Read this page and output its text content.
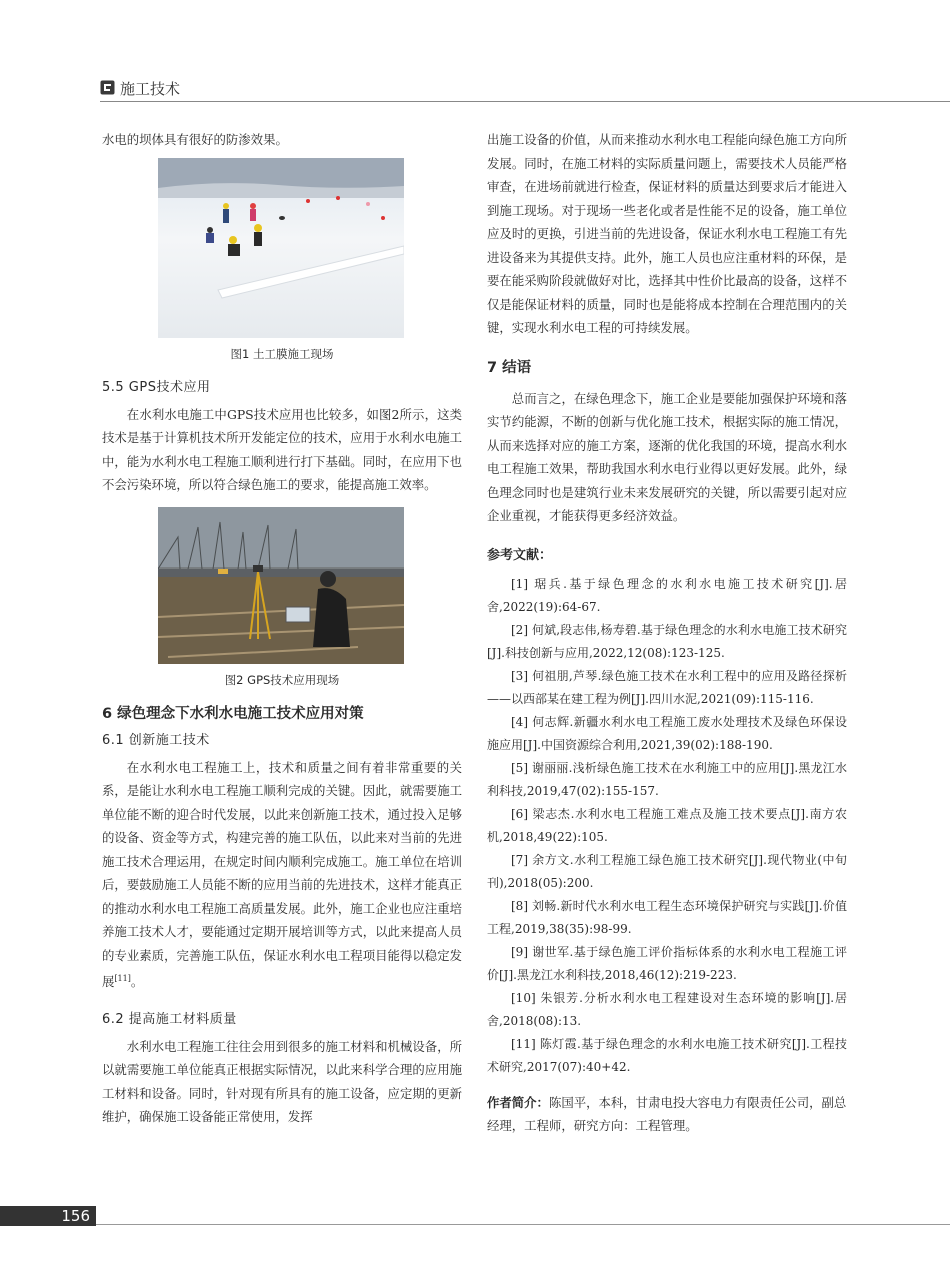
施工技术

水电的坝体具有很好的防渗效果。

图1 土工膜施工现场
5.5 GPS技术应用

在水利水电施工中GPS技术应用也比较多，如图2所示，这类技术是基于计算机技术所开发能定位的技术，应用于水利水电施工中，能为水利水电工程施工顺利进行打下基础。同时，在应用下也不会污染环境，所以符合绿色施工的要求，能提高施工效率。

图2 GPS技术应用现场
6 绿色理念下水利水电施工技术应用对策
6.1 创新施工技术

在水利水电工程施工上，技术和质量之间有着非常重要的关系，是能让水利水电工程施工顺利完成的关键。因此，就需要施工单位能不断的迎合时代发展，以此来创新施工技术，通过投入足够的设备、资金等方式，构建完善的施工队伍，以此来对当前的先进施工技术合理运用，在规定时间内顺利完成施工。施工单位在培训后，要鼓励施工人员能不断的应用当前的先进技术，这样才能真正的推动水利水电工程施工高质量发展。此外，施工企业也应注重培养施工技术人才，要能通过定期开展培训等方式，以此来提高人员的专业素质，完善施工队伍，保证水利水电工程项目能得以稳定发展[11]。

6.2 提高施工材料质量

水利水电工程施工往往会用到很多的施工材料和机械设备，所以就需要施工单位能真正根据实际情况，以此来科学合理的应用施工材料和设备。同时，针对现有所具有的施工设备，应定期的更新维护，确保施工设备能正常使用，发挥

出施工设备的价值，从而来推动水利水电工程能向绿色施工方向所发展。同时，在施工材料的实际质量问题上，需要技术人员能严格审查，在进场前就进行检查，保证材料的质量达到要求后才能进入到施工现场。对于现场一些老化或者是性能不足的设备，施工单位应及时的更换，引进当前的先进设备，保证水利水电工程施工有先进设备来为其提供支持。此外，施工人员也应注重材料的环保，是要在能采购阶段就做好对比，选择其中性价比最高的设备，这样不仅是能保证材料的质量，同时也是能将成本控制在合理范围内的关键，实现水利水电工程的可持续发展。

7 结语

总而言之，在绿色理念下，施工企业是要能加强保护环境和落实节约能源，不断的创新与优化施工技术，根据实际的施工情况，从而来选择对应的施工方案，逐渐的优化我国的环境，提高水利水电工程施工效果，帮助我国水利水电行业得以更好发展。此外，绿色理念同时也是建筑行业未来发展研究的关键，所以需要引起对应企业重视，才能获得更多经济效益。

参考文献：

[1] 琚兵.基于绿色理念的水利水电施工技术研究[J].居舍,2022(19):64-67.

[2] 何斌,段志伟,杨寿碧.基于绿色理念的水利水电施工技术研究[J].科技创新与应用,2022,12(08):123-125.

[3] 何祖朋,芦琴.绿色施工技术在水利工程中的应用及路径探析——以西部某在建工程为例[J].四川水泥,2021(09):115-116.

[4] 何志辉.新疆水利水电工程施工废水处理技术及绿色环保设施应用[J].中国资源综合利用,2021,39(02):188-190.

[5] 谢丽丽.浅析绿色施工技术在水利施工中的应用[J].黑龙江水利科技,2019,47(02):155-157.

[6] 梁志杰.水利水电工程施工难点及施工技术要点[J].南方农机,2018,49(22):105.

[7] 余方文.水利工程施工绿色施工技术研究[J].现代物业(中旬刊),2018(05):200.

[8] 刘畅.新时代水利水电工程生态环境保护研究与实践[J].价值工程,2019,38(35):98-99.

[9] 谢世军.基于绿色施工评价指标体系的水利水电工程施工评价[J].黑龙江水利科技,2018,46(12):219-223.

[10] 朱银芳.分析水利水电工程建设对生态环境的影响[J].居舍,2018(08):13.

[11] 陈灯霞.基于绿色理念的水利水电施工技术研究[J].工程技术研究,2017(07):40+42.

作者简介：陈国平，本科，甘肃电投大容电力有限责任公司，副总经理，工程师，研究方向：工程管理。
156
